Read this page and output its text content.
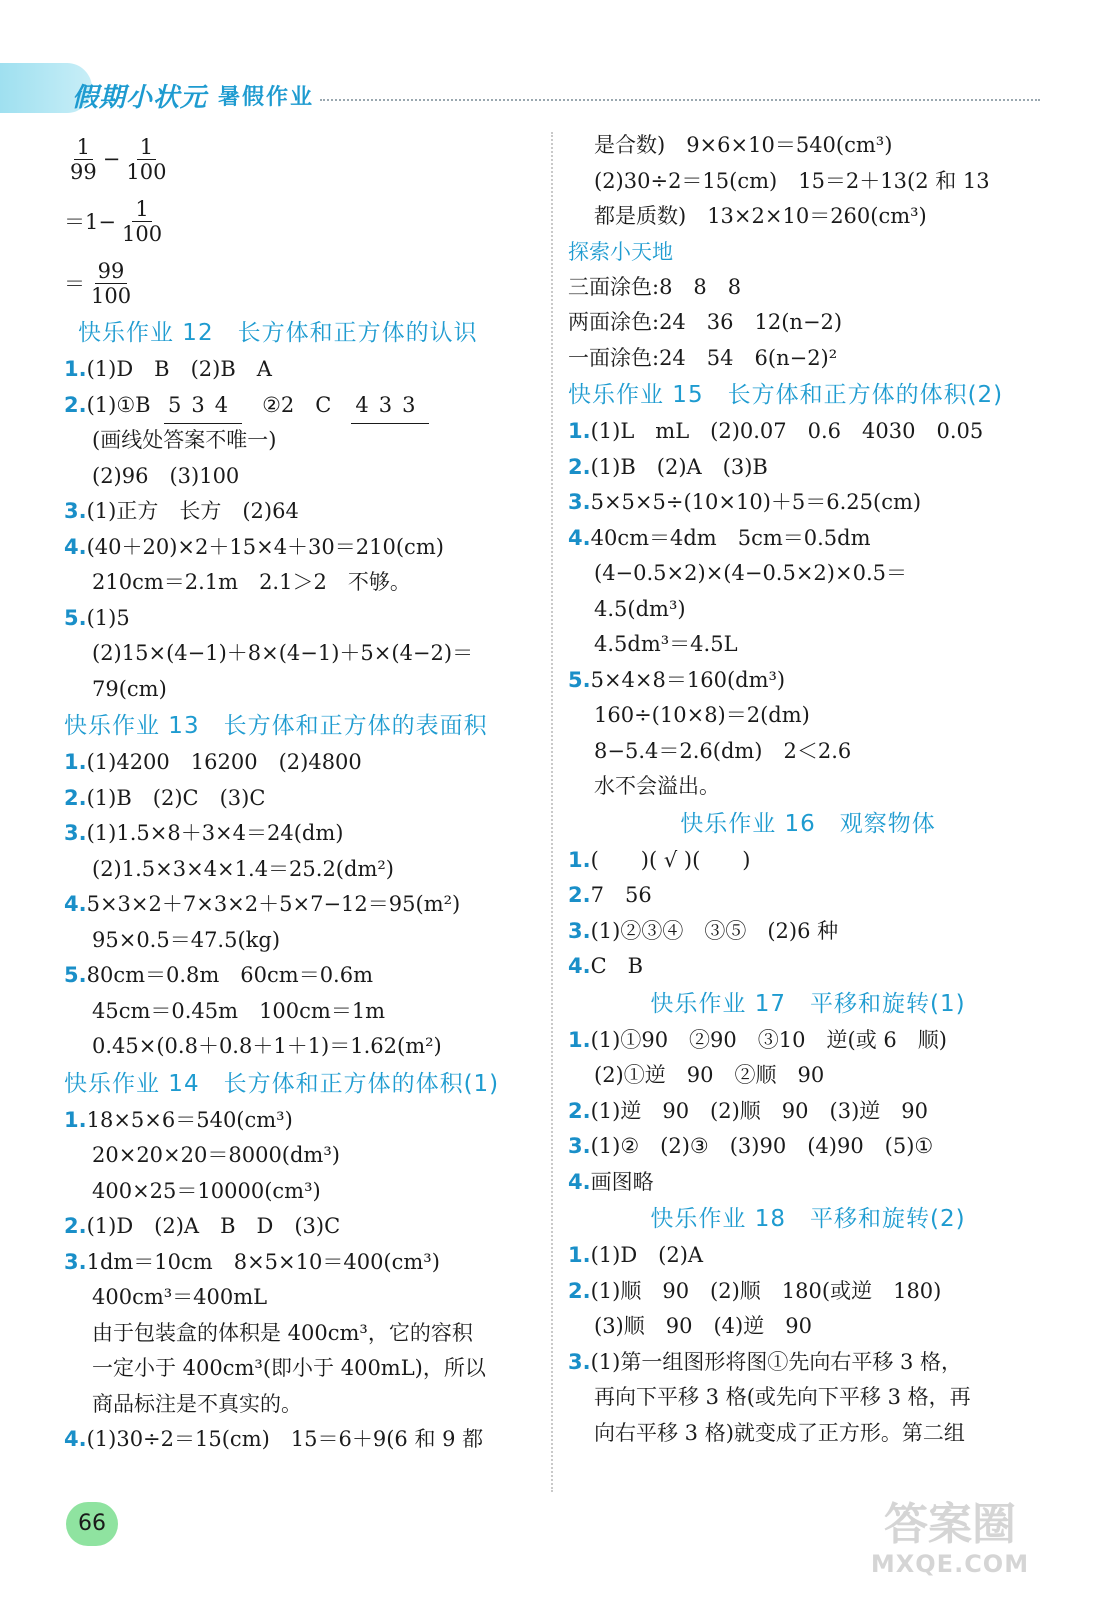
假期小状元 暑假作业
$\frac{1}{99} - \frac{1}{100}$
$=1- \frac{1}{100}$
＝ $\frac{99}{100}$
快乐作业 12　长方体和正方体的认识
1.(1)D　B　(2)B　A
2.(1)①B 534 ②2　C 433
(画线处答案不唯一)
(2)96　(3)100
3.(1)正方　长方　(2)64
4.(40＋20)×2＋15×4＋30＝210(cm)
210cm＝2.1m　2.1＞2　不够。
5.(1)5
(2)15×(4−1)＋8×(4−1)＋5×(4−2)＝
79(cm)
快乐作业 13　长方体和正方体的表面积
1.(1)4200　16200　(2)4800
2.(1)B　(2)C　(3)C
3.(1)1.5×8＋3×4＝24(dm)
(2)1.5×3×4×1.4＝25.2(dm²)
4.5×3×2＋7×3×2＋5×7−12＝95(m²)
95×0.5＝47.5(kg)
5.80cm＝0.8m　60cm＝0.6m
45cm＝0.45m　100cm＝1m
0.45×(0.8＋0.8＋1＋1)＝1.62(m²)
快乐作业 14　长方体和正方体的体积(1)
1.18×5×6＝540(cm³)
20×20×20＝8000(dm³)
400×25＝10000(cm³)
2.(1)D　(2)A　B　D　(3)C
3.1dm＝10cm　8×5×10＝400(cm³)
400cm³＝400mL
由于包装盒的体积是 400cm³，它的容积
一定小于 400cm³(即小于 400mL)，所以
商品标注是不真实的。
4.(1)30÷2＝15(cm)　15＝6＋9(6 和 9 都
是合数)　9×6×10＝540(cm³)
(2)30÷2＝15(cm)　15＝2＋13(2 和 13
都是质数)　13×2×10＝260(cm³)
探索小天地
三面涂色:8　8　8
两面涂色:24　36　12(n−2)
一面涂色:24　54　6(n−2)²
快乐作业 15　长方体和正方体的体积(2)
1.(1)L　mL　(2)0.07　0.6　4030　0.05
2.(1)B　(2)A　(3)B
3.5×5×5÷(10×10)＋5＝6.25(cm)
4.40cm＝4dm　5cm＝0.5dm
(4−0.5×2)×(4−0.5×2)×0.5＝
4.5(dm³)
4.5dm³＝4.5L
5.5×4×8＝160(dm³)
160÷(10×8)＝2(dm)
8−5.4＝2.6(dm)　2＜2.6
水不会溢出。
快乐作业 16　观察物体
1.(　　)( √ )(　　)
2.7　56
3.(1)②③④　③⑤　(2)6 种
4.C　B
快乐作业 17　平移和旋转(1)
1.(1)①90　②90　③10　逆(或 6　顺)
(2)①逆　90　②顺　90
2.(1)逆　90　(2)顺　90　(3)逆　90
3.(1)②　(2)③　(3)90　(4)90　(5)①
4.画图略
快乐作业 18　平移和旋转(2)
1.(1)D　(2)A
2.(1)顺　90　(2)顺　180(或逆　180)
(3)顺　90　(4)逆　90
3.(1)第一组图形将图①先向右平移 3 格，
再向下平移 3 格(或先向下平移 3 格，再
向右平移 3 格)就变成了正方形。第二组
66	答案圈
MXQE.COM
